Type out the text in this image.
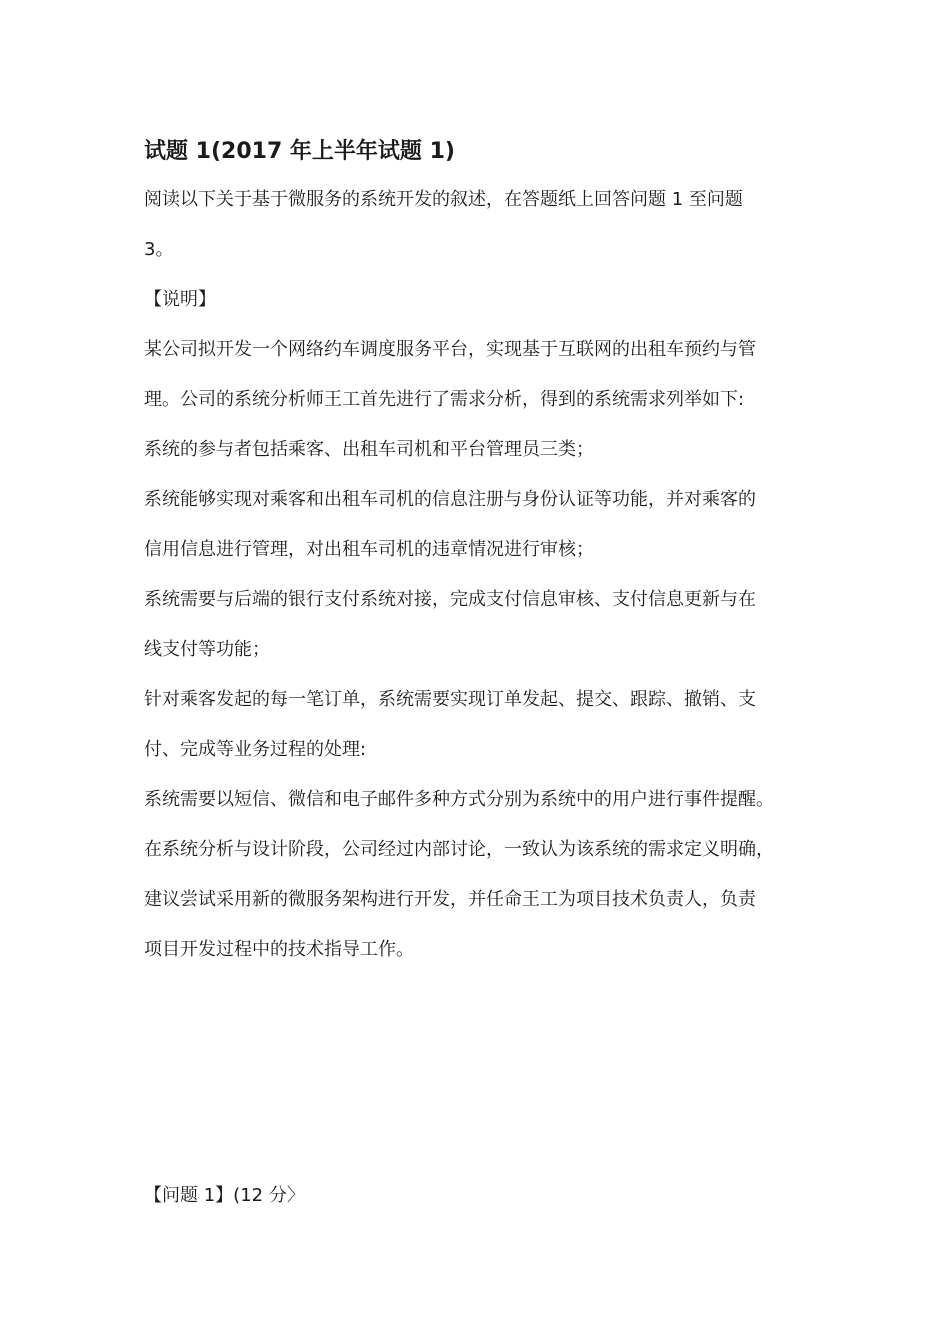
试题 1(2017 年上半年试题 1)
阅读以下关于基于微服务的系统开发的叙述，在答题纸上回答问题 1 至问题
3。
【说明】
某公司拟开发一个网络约车调度服务平台，实现基于互联网的出租车预约与管
理。公司的系统分析师王工首先进行了需求分析，得到的系统需求列举如下:
系统的参与者包括乘客、出租车司机和平台管理员三类；
系统能够实现对乘客和出租车司机的信息注册与身份认证等功能，并对乘客的
信用信息进行管理，对出租车司机的违章情况进行审核；
系统需要与后端的银行支付系统对接，完成支付信息审核、支付信息更新与在
线支付等功能；
针对乘客发起的每一笔订单，系统需要实现订单发起、提交、跟踪、撤销、支
付、完成等业务过程的处理:
系统需要以短信、微信和电子邮件多种方式分别为系统中的用户进行事件提醒。
在系统分析与设计阶段，公司经过内部讨论，一致认为该系统的需求定义明确，
建议尝试采用新的微服务架构进行开发，并任命王工为项目技术负责人，负责
项目开发过程中的技术指导工作。
【问题 1】(12 分〉
